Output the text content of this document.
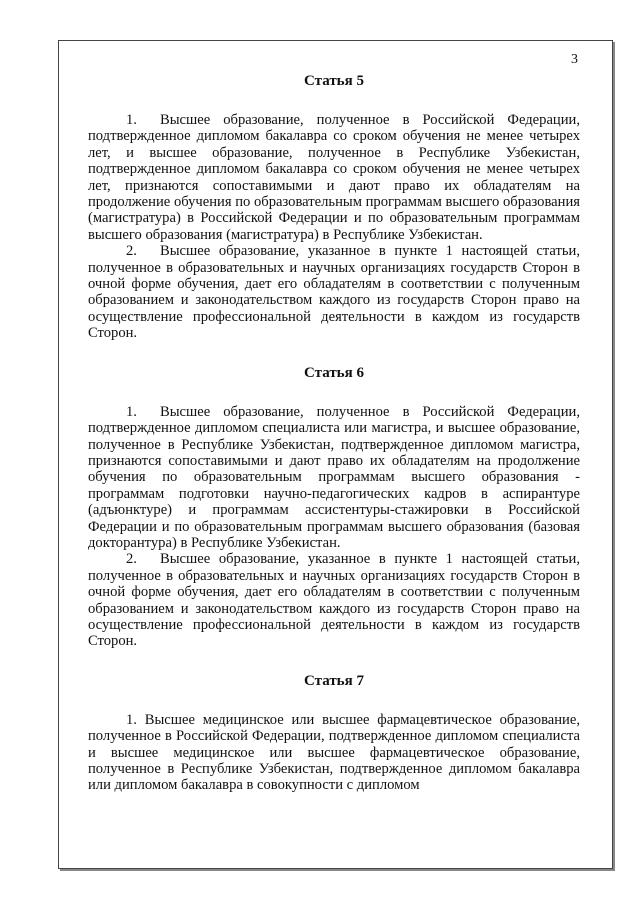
3
Статья 5

1. Высшее образование, полученное в Российской Федерации, подтвержденное дипломом бакалавра со сроком обучения не менее четырех лет, и высшее образование, полученное в Республике Узбекистан, подтвержденное дипломом бакалавра со сроком обучения не менее четырех лет, признаются сопоставимыми и дают право их обладателям на продолжение обучения по образовательным программам высшего образования (магистратура) в Российской Федерации и по образовательным программам высшего образования (магистратура) в Республике Узбекистан.

2. Высшее образование, указанное в пункте 1 настоящей статьи, полученное в образовательных и научных организациях государств Сторон в очной форме обучения, дает его обладателям в соответствии с полученным образованием и законодательством каждого из государств Сторон право на осуществление профессиональной деятельности в каждом из государств Сторон.

Статья 6

1. Высшее образование, полученное в Российской Федерации, подтвержденное дипломом специалиста или магистра, и высшее образование, полученное в Республике Узбекистан, подтвержденное дипломом магистра, признаются сопоставимыми и дают право их обладателям на продолжение обучения по образовательным программам высшего образования - программам подготовки научно-педагогических кадров в аспирантуре (адъюнктуре) и программам ассистентуры-стажировки в Российской Федерации и по образовательным программам высшего образования (базовая докторантура) в Республике Узбекистан.

2. Высшее образование, указанное в пункте 1 настоящей статьи, полученное в образовательных и научных организациях государств Сторон в очной форме обучения, дает его обладателям в соответствии с полученным образованием и законодательством каждого из государств Сторон право на осуществление профессиональной деятельности в каждом из государств Сторон.

Статья 7

1. Высшее медицинское или высшее фармацевтическое образование, полученное в Российской Федерации, подтвержденное дипломом специалиста и высшее медицинское или высшее фармацевтическое образование, полученное в Республике Узбекистан, подтвержденное дипломом бакалавра или дипломом бакалавра в совокупности с дипломом
